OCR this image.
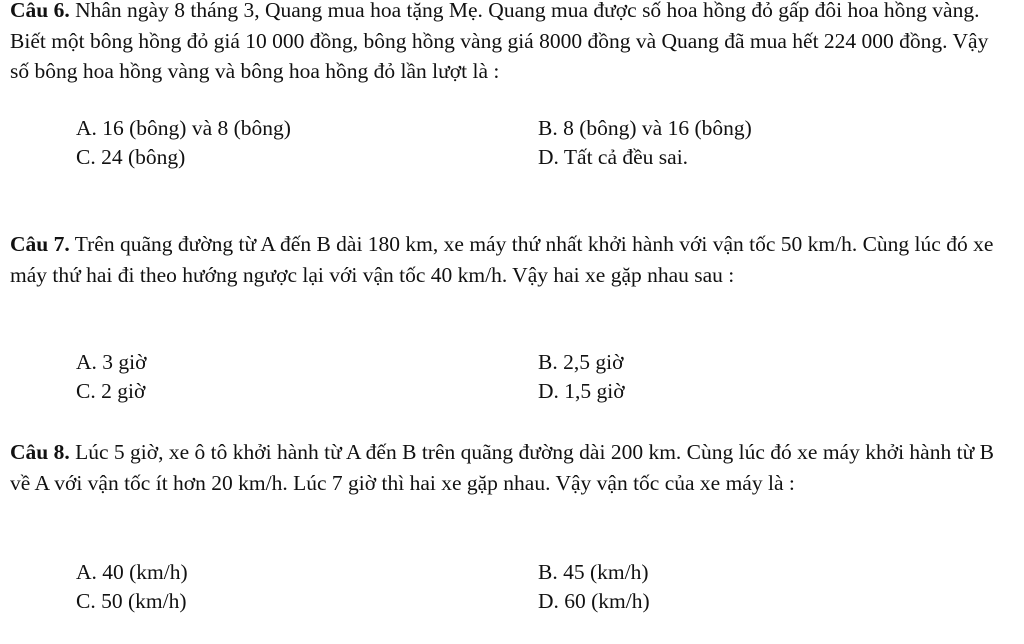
Câu 6. Nhân ngày 8 tháng 3, Quang mua hoa tặng Mẹ. Quang mua được số hoa hồng đỏ gấp đôi hoa hồng vàng. Biết một bông hồng đỏ giá 10 000 đồng, bông hồng vàng giá 8000 đồng và Quang đã mua hết 224 000 đồng. Vậy số bông hoa hồng vàng và bông hoa hồng đỏ lần lượt là :
A. 16 (bông) và 8 (bông)	B. 8 (bông) và 16 (bông)
C. 24 (bông)	D. Tất cả đều sai.
Câu 7. Trên quãng đường từ A đến B dài 180 km, xe máy thứ nhất khởi hành với vận tốc 50 km/h. Cùng lúc đó xe máy thứ hai đi theo hướng ngược lại với vận tốc 40 km/h. Vậy hai xe gặp nhau sau :
A. 3 giờ	B. 2,5 giờ
C. 2 giờ	D. 1,5 giờ
Câu 8. Lúc 5 giờ, xe ô tô khởi hành từ A đến B trên quãng đường dài 200 km. Cùng lúc đó xe máy khởi hành từ B về A với vận tốc ít hơn 20 km/h. Lúc 7 giờ thì hai xe gặp nhau. Vậy vận tốc của xe máy là :
A. 40 (km/h)	B. 45 (km/h)
C. 50 (km/h)	D. 60 (km/h)
